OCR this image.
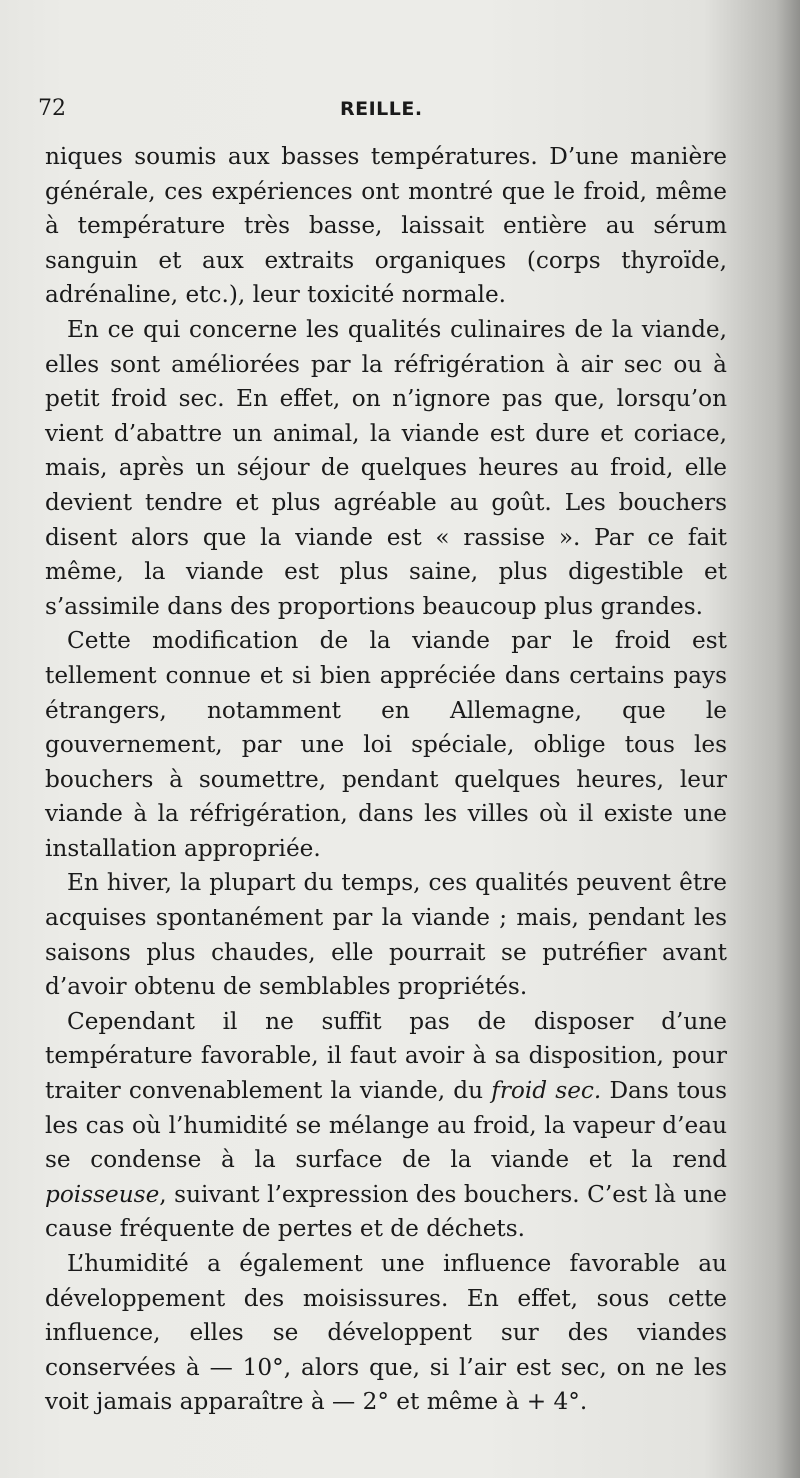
72	REILLE.

niques soumis aux basses températures. D’une manière générale, ces expériences ont montré que le froid, même à température très basse, laissait entière au sérum sanguin et aux extraits organiques (corps thyroïde, adrénaline, etc.), leur toxicité normale.

En ce qui concerne les qualités culinaires de la viande, elles sont améliorées par la réfrigération à air sec ou à petit froid sec. En effet, on n’ignore pas que, lorsqu’on vient d’abattre un animal, la viande est dure et coriace, mais, après un séjour de quelques heures au froid, elle devient tendre et plus agréable au goût. Les bouchers disent alors que la viande est « rassise ». Par ce fait même, la viande est plus saine, plus digestible et s’assimile dans des proportions beaucoup plus grandes.

Cette modification de la viande par le froid est tellement connue et si bien appréciée dans certains pays étrangers, notamment en Allemagne, que le gouvernement, par une loi spéciale, oblige tous les bouchers à soumettre, pendant quelques heures, leur viande à la réfrigération, dans les villes où il existe une installation appropriée.

En hiver, la plupart du temps, ces qualités peuvent être acquises spontanément par la viande ; mais, pendant les saisons plus chaudes, elle pourrait se putréfier avant d’avoir obtenu de semblables propriétés.

Cependant il ne suffit pas de disposer d’une température favorable, il faut avoir à sa disposition, pour traiter convenablement la viande, du froid sec. Dans tous les cas où l’humidité se mélange au froid, la vapeur d’eau se condense à la surface de la viande et la rend poisseuse, suivant l’expression des bouchers. C’est là une cause fréquente de pertes et de déchets.

L’humidité a également une influence favorable au développement des moisissures. En effet, sous cette influence, elles se développent sur des viandes conservées à — 10°, alors que, si l’air est sec, on ne les voit jamais apparaître à — 2° et même à + 4°.
